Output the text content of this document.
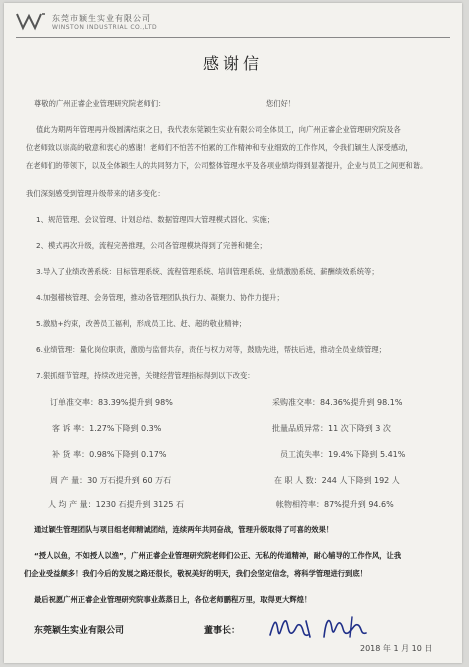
东莞市颖生实业有限公司
WINSTON INDUSTRIAL CO.,LTD
感谢信
尊敬的广州正睿企业管理研究院老师们：	您们好！
值此为期两年管理再升级圆满结束之日，我代表东莞颖生实业有限公司全体员工，向广州正睿企业管理研究院及各
位老师致以崇高的敬意和衷心的感谢！老师们不怕苦不怕累的工作精神和专业细致的工作作风，令我们颖生人深受感动，
在老师们的带领下，以及全体颖生人的共同努力下，公司整体管理水平及各项业绩均得到显著提升，企业与员工之间更和谐。
我们深刻感受到管理升级带来的诸多变化：
1、规范管理、会议管理、计划总结、数据管理四大管理模式固化、实施；
2、模式再次升级，流程完善推理，公司各管理模块得到了完善和健全；
3.导入了业绩改善系统：目标管理系统、流程管理系统、培训管理系统、业绩激励系统、薪酬绩效系统等；
4.加强稽核管理、会务管理，推动各管理团队执行力、凝聚力、协作力提升；
5.激励+约束，改善员工福利，形成员工比、赶、超的敬业精神；
6.业绩管理：量化岗位职责，激励与监督共存，责任与权力对等，鼓励先进，帮扶后进，推动全员业绩管理；
7.狠抓细节管理，持续改进完善，关键经营管理指标得到以下改变：
订单准交率：83.39%提升到 98%
客 诉 率：1.27%下降到 0.3%
补 货 率：0.98%下降到 0.17%
周 产 量：30 万石提升到 60 万石
人 均 产 量：1230 石提升到 3125 石
采购准交率：84.36%提升到 98.1%
批量品质异常：11 次下降到 3 次
员工流失率：19.4%下降到 5.41%
在 职 人 数：244 人下降到 192 人
帐物相符率：87%提升到 94.6%
通过颖生管理团队与项目组老师精诚团结，连续两年共同奋战，管理升级取得了可喜的效果！
“授人以鱼，不如授人以渔”，广州正睿企业管理研究院老师们公正、无私的传道精神，耐心辅导的工作作风，让我
们企业受益颇多！我们今后的发展之路还很长，敬祝美好的明天，我们会坚定信念，将科学管理进行到底！
最后祝愿广州正睿企业管理研究院事业蒸蒸日上，各位老师鹏程万里，取得更大辉煌！
东莞颖生实业有限公司	董事长：
2018 年 1 月 10 日
